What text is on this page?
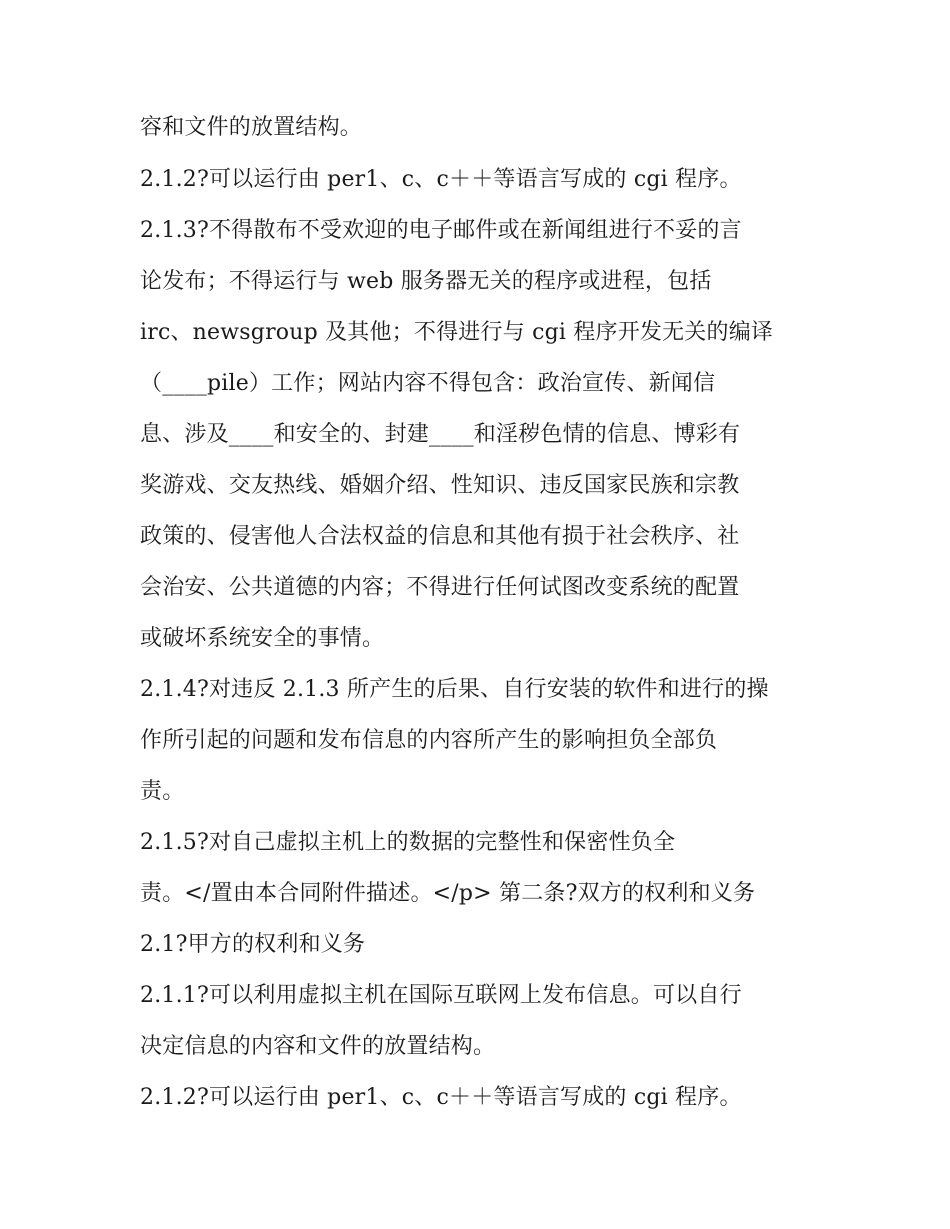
容和文件的放置结构。
2.1.2?可以运行由 per1、c、c＋＋等语言写成的 cgi 程序。
2.1.3?不得散布不受欢迎的电子邮件或在新闻组进行不妥的言
论发布；不得运行与 web 服务器无关的程序或进程，包括
irc、newsgroup 及其他；不得进行与 cgi 程序开发无关的编译
（____pile）工作；网站内容不得包含：政治宣传、新闻信
息、涉及____和安全的、封建____和淫秽色情的信息、博彩有
奖游戏、交友热线、婚姻介绍、性知识、违反国家民族和宗教
政策的、侵害他人合法权益的信息和其他有损于社会秩序、社
会治安、公共道德的内容；不得进行任何试图改变系统的配置
或破坏系统安全的事情。
2.1.4?对违反 2.1.3 所产生的后果、自行安装的软件和进行的操
作所引起的问题和发布信息的内容所产生的影响担负全部负
责。
2.1.5?对自己虚拟主机上的数据的完整性和保密性负全
责。</置由本合同附件描述。</p> 第二条?双方的权利和义务
2.1?甲方的权利和义务
2.1.1?可以利用虚拟主机在国际互联网上发布信息。可以自行
决定信息的内容和文件的放置结构。
2.1.2?可以运行由 per1、c、c＋＋等语言写成的 cgi 程序。
